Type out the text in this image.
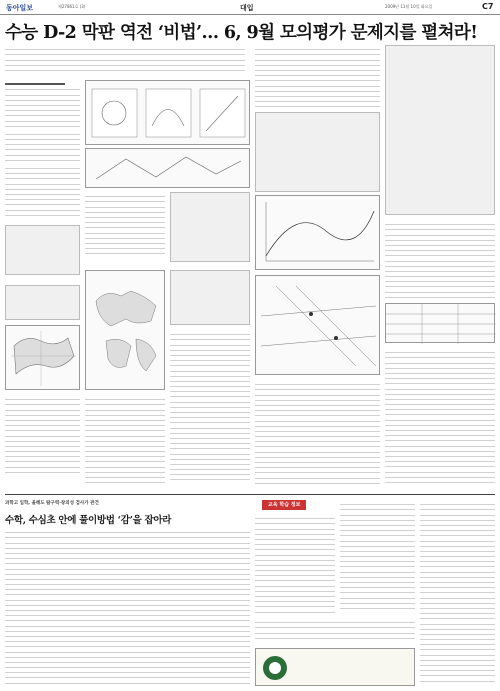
동아일보	제27861호 (3)	대입	2009년 11월 10일 화요일	C7
수능 D-2 막판 역전 ‘비법’… 6, 9월 모의평가 문제지를 펼쳐라!
과학고 입학, 올해도 탐구력·창의성 검사가 관건
수학, 수심초 안에 풀이방법 ‘감’을 잡아라
교육 학습 정보
